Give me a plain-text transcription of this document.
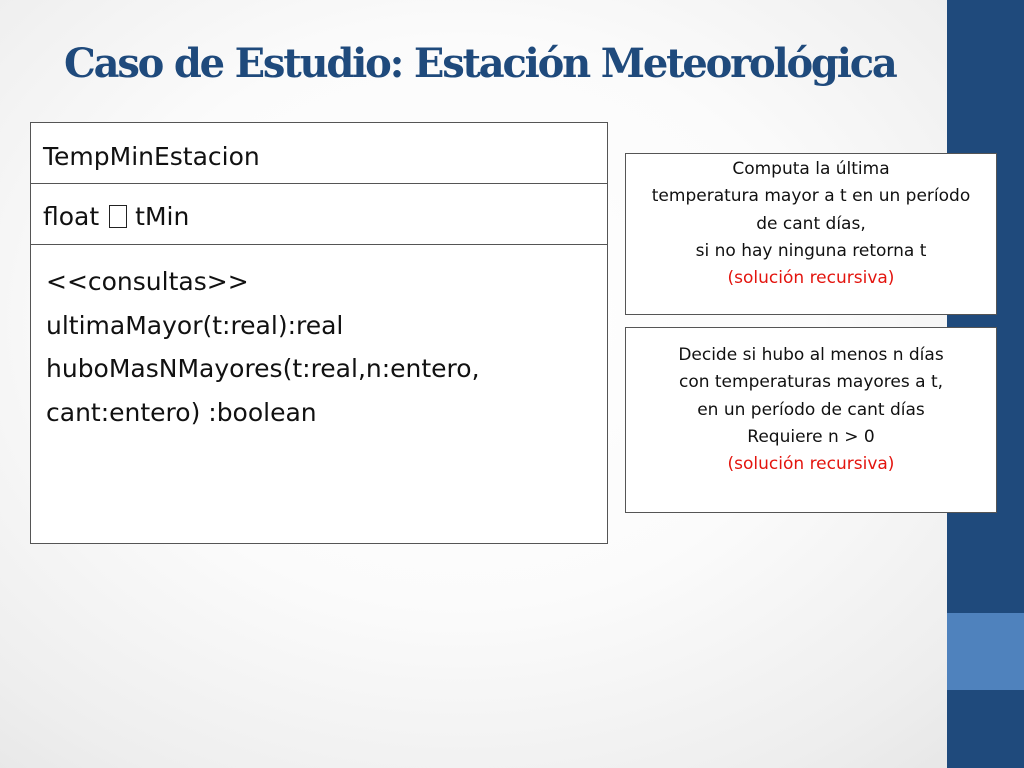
Caso de Estudio: Estación Meteorológica
TempMinEstacion
float tMin
<<consultas>>
ultimaMayor(t:real):real
huboMasNMayores(t:real,n:entero,
cant:entero) :boolean
Computa la última
temperatura mayor a t en un período
de cant días,
si no hay ninguna retorna t
(solución recursiva)
Decide si hubo al menos n días
con temperaturas mayores a t,
en un período de cant días
Requiere n > 0
(solución recursiva)
